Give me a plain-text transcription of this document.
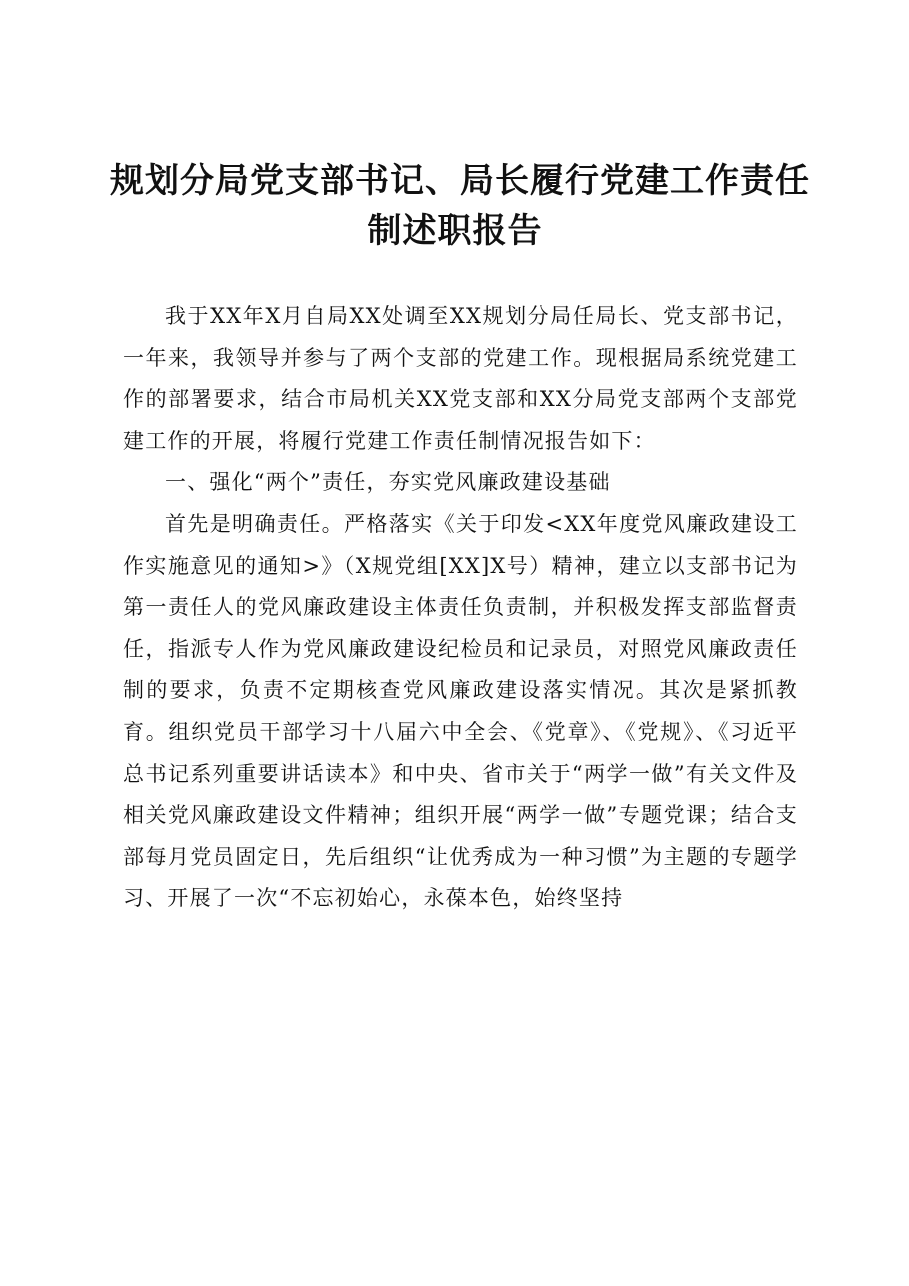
规划分局党支部书记、局长履行党建工作责任
制述职报告

我于XX年X月自局XX处调至XX规划分局任局长、党支部书记，一年来，我领导并参与了两个支部的党建工作。现根据局系统党建工作的部署要求，结合市局机关XX党支部和XX分局党支部两个支部党建工作的开展，将履行党建工作责任制情况报告如下：

一、强化“两个”责任，夯实党风廉政建设基础

首先是明确责任。严格落实《关于印发<XX年度党风廉政建设工作实施意见的通知>》（X规党组[XX]X号）精神，建立以支部书记为第一责任人的党风廉政建设主体责任负责制，并积极发挥支部监督责任，指派专人作为党风廉政建设纪检员和记录员，对照党风廉政责任制的要求，负责不定期核查党风廉政建设落实情况。其次是紧抓教育。组织党员干部学习十八届六中全会、《党章》、《党规》、《习近平总书记系列重要讲话读本》和中央、省市关于“两学一做”有关文件及相关党风廉政建设文件精神；组织开展“两学一做”专题党课；结合支部每月党员固定日，先后组织“让优秀成为一种习惯”为主题的专题学习、开展了一次“不忘初始心，永葆本色，始终坚持
